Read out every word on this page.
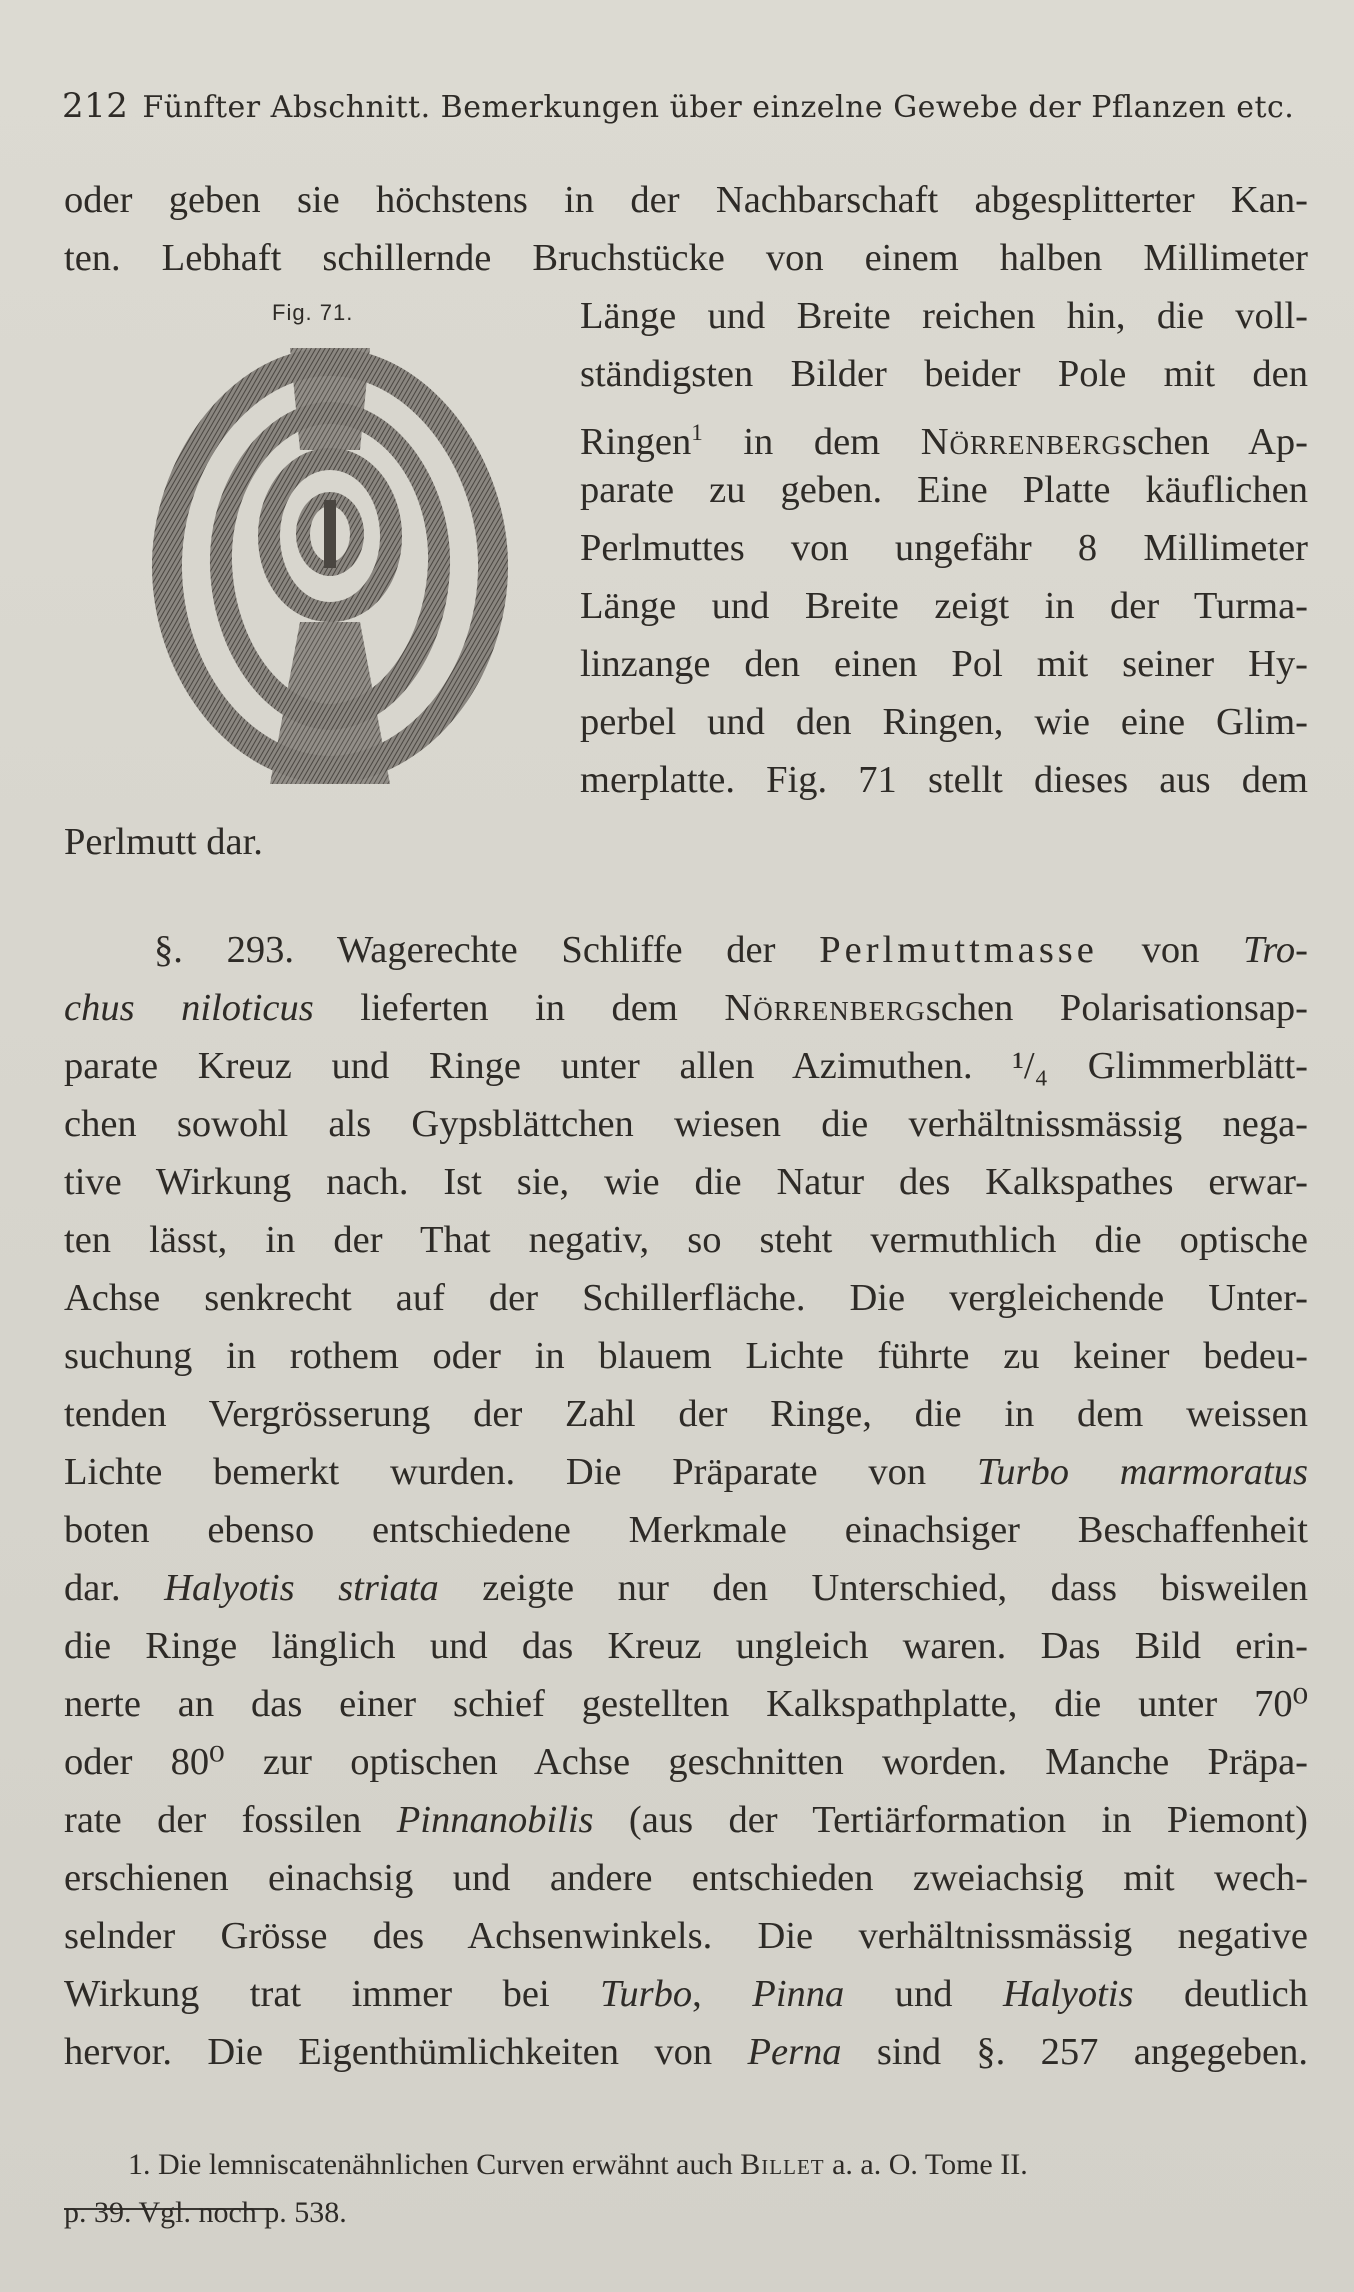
212 Fünfter Abschnitt. Bemerkungen über einzelne Gewebe der Pflanzen etc.
oder geben sie höchstens in der Nachbarschaft abgesplitterter Kan-
ten. Lebhaft schillernde Bruchstücke von einem halben Millimeter
Fig. 71.	Länge und Breite reichen hin, die voll-
ständigsten Bilder beider Pole mit den
Ringen$^1$ in dem Nörrenbergschen Ap-
parate zu geben. Eine Platte käuflichen
Perlmuttes von ungefähr 8 Millimeter
Länge und Breite zeigt in der Turma-
linzange den einen Pol mit seiner Hy-
perbel und den Ringen, wie eine Glim-
merplatte. Fig. 71 stellt dieses aus dem
Perlmutt dar.
§. 293. Wagerechte Schliffe der Perlmuttmasse von Tro-
chus niloticus lieferten in dem Nörrenbergschen Polarisationsap-
parate Kreuz und Ringe unter allen Azimuthen. ¹/₄ Glimmerblätt-
chen sowohl als Gypsblättchen wiesen die verhältnissmässig nega-
tive Wirkung nach. Ist sie, wie die Natur des Kalkspathes erwar-
ten lässt, in der That negativ, so steht vermuthlich die optische
Achse senkrecht auf der Schillerfläche. Die vergleichende Unter-
suchung in rothem oder in blauem Lichte führte zu keiner bedeu-
tenden Vergrösserung der Zahl der Ringe, die in dem weissen
Lichte bemerkt wurden. Die Präparate von Turbo marmoratus
boten ebenso entschiedene Merkmale einachsiger Beschaffenheit
dar. Halyotis striata zeigte nur den Unterschied, dass bisweilen
die Ringe länglich und das Kreuz ungleich waren. Das Bild erin-
nerte an das einer schief gestellten Kalkspathplatte, die unter 70⁰
oder 80⁰ zur optischen Achse geschnitten worden. Manche Präpa-
rate der fossilen Pinnanobilis (aus der Tertiärformation in Piemont)
erschienen einachsig und andere entschieden zweiachsig mit wech-
selnder Grösse des Achsenwinkels. Die verhältnissmässig negative
Wirkung trat immer bei Turbo, Pinna und Halyotis deutlich
hervor. Die Eigenthümlichkeiten von Perna sind §. 257 angegeben.
1. Die lemniscatenähnlichen Curven erwähnt auch Billet a. a. O. Tome II.
p. 39. Vgl. noch p. 538.
